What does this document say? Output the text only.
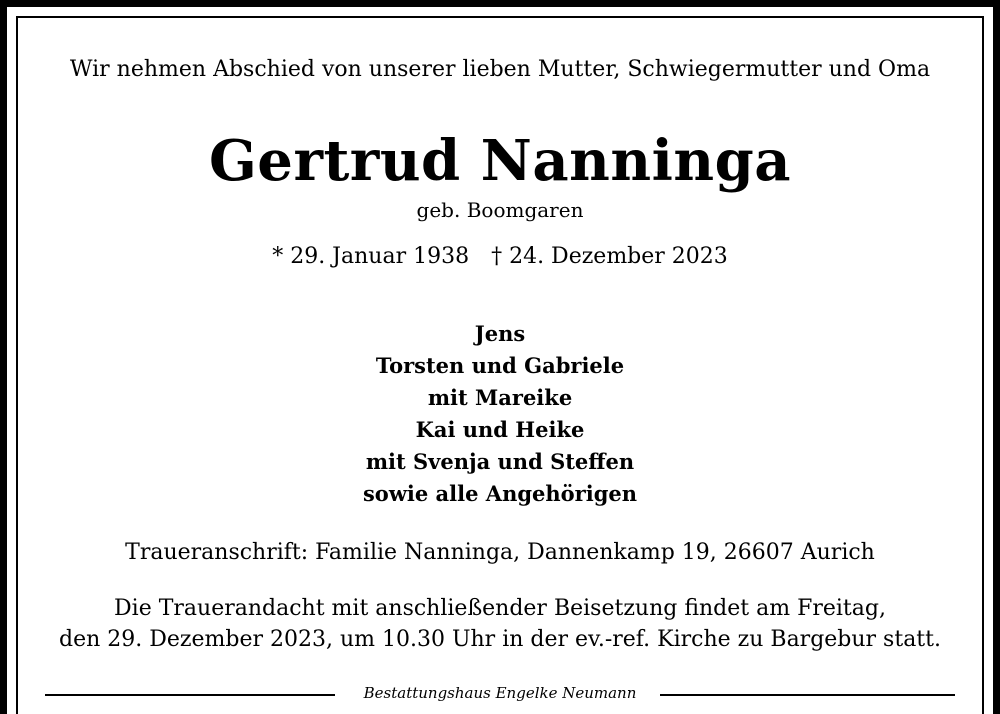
Wir nehmen Abschied von unserer lieben Mutter, Schwiegermutter und Oma
Gertrud Nanninga
geb. Boomgaren
* 29. Januar 1938 † 24. Dezember 2023
Jens
Torsten und Gabriele
mit Mareike
Kai und Heike
mit Svenja und Steffen
sowie alle Angehörigen
Traueranschrift: Familie Nanninga, Dannenkamp 19, 26607 Aurich
Die Trauerandacht mit anschließender Beisetzung findet am Freitag,
den 29. Dezember 2023, um 10.30 Uhr in der ev.-ref. Kirche zu Bargebur statt.
Bestattungshaus Engelke Neumann
